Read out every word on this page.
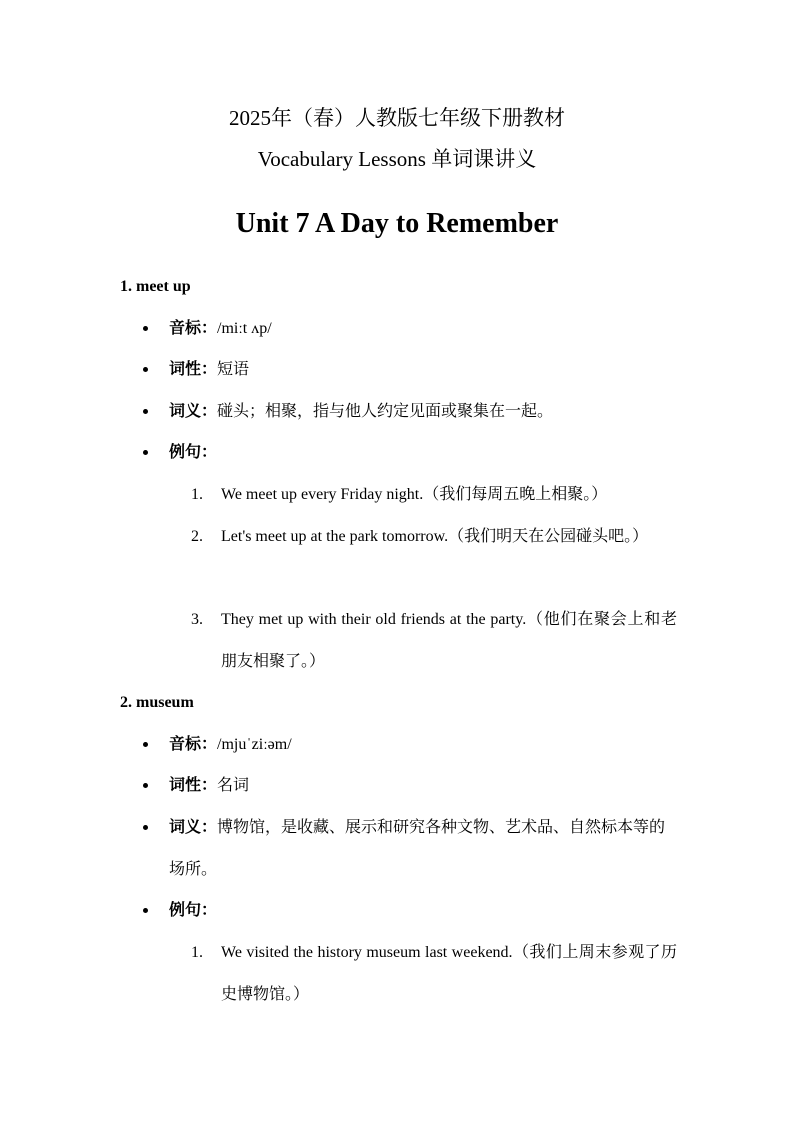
2025年（春）人教版七年级下册教材
Vocabulary Lessons 单词课讲义
Unit 7 A Day to Remember
1. meet up
音标：/miːt ʌp/
词性：短语
词义：碰头；相聚，指与他人约定见面或聚集在一起。
例句：
1. We meet up every Friday night.（我们每周五晚上相聚。）
2. Let's meet up at the park tomorrow.（我们明天在公园碰头吧。）
3. They met up with their old friends at the party.（他们在聚会上和老朋友相聚了。）
2. museum
音标：/mjuˈziːəm/
词性：名词
词义：博物馆，是收藏、展示和研究各种文物、艺术品、自然标本等的场所。
例句：
1. We visited the history museum last weekend.（我们上周末参观了历史博物馆。）
